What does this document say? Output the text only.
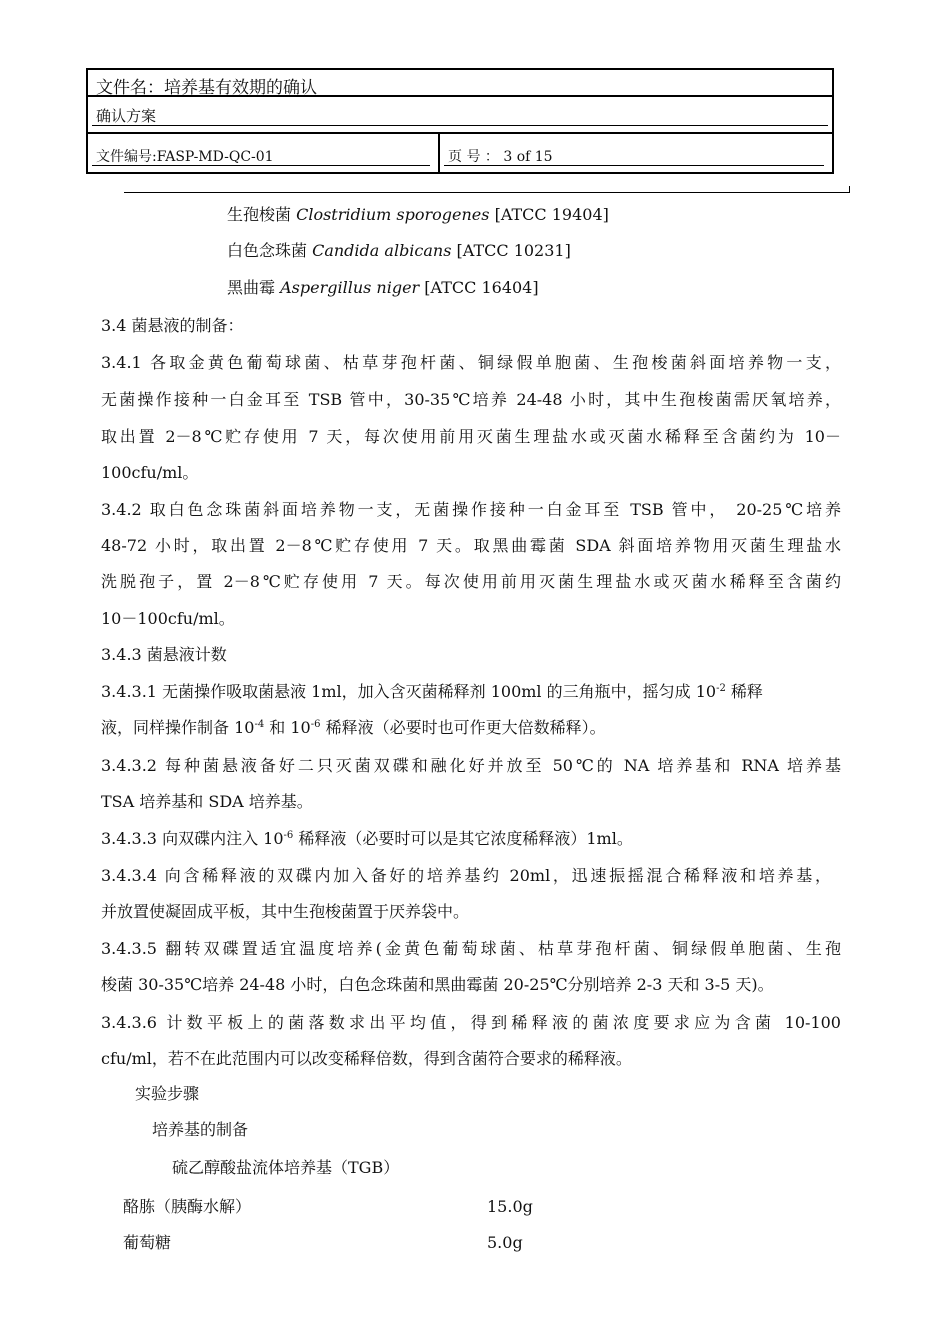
文件名：培养基有效期的确认
确认方案
文件编号:FASP-MD-QC-01	页 号 ： 3 of 15
生孢梭菌 Clostridium sporogenes [ATCC 19404]
白色念珠菌 Candida albicans [ATCC 10231]
黑曲霉 Aspergillus niger [ATCC 16404]
3.4 菌悬液的制备：
3.4.1 各取金黄色葡萄球菌、枯草芽孢杆菌、铜绿假单胞菌、生孢梭菌斜面培养物一支，
无菌操作接种一白金耳至 TSB 管中，30-35℃培养 24-48 小时，其中生孢梭菌需厌氧培养，
取出置 2－8℃贮存使用 7 天，每次使用前用灭菌生理盐水或灭菌水稀释至含菌约为 10－
100cfu/ml。
3.4.2 取白色念珠菌斜面培养物一支，无菌操作接种一白金耳至 TSB 管中， 20-25℃培养
48-72 小时，取出置 2－8℃贮存使用 7 天。取黑曲霉菌 SDA 斜面培养物用灭菌生理盐水
洗脱孢子，置 2－8℃贮存使用 7 天。每次使用前用灭菌生理盐水或灭菌水稀释至含菌约
10－100cfu/ml。
3.4.3 菌悬液计数
3.4.3.1 无菌操作吸取菌悬液 1ml，加入含灭菌稀释剂 100ml 的三角瓶中，摇匀成 $10^{-2}$ 稀释
液，同样操作制备 $10^{-4}$ 和 $10^{-6}$ 稀释液（必要时也可作更大倍数稀释）。
3.4.3.2 每种菌悬液备好二只灭菌双碟和融化好并放至 50℃的 NA 培养基和 RNA 培养基
TSA 培养基和 SDA 培养基。
3.4.3.3 向双碟内注入 $10^{-6}$ 稀释液（必要时可以是其它浓度稀释液）1ml。
3.4.3.4 向含稀释液的双碟内加入备好的培养基约 20ml，迅速振摇混合稀释液和培养基，
并放置使凝固成平板，其中生孢梭菌置于厌养袋中。
3.4.3.5 翻转双碟置适宜温度培养(金黄色葡萄球菌、枯草芽孢杆菌、铜绿假单胞菌、生孢
梭菌 30-35℃培养 24-48 小时，白色念珠菌和黑曲霉菌 20-25℃分别培养 2-3 天和 3-5 天)。
3.4.3.6 计数平板上的菌落数求出平均值，得到稀释液的菌浓度要求应为含菌 10-100
cfu/ml，若不在此范围内可以改变稀释倍数，得到含菌符合要求的稀释液。
实验步骤
培养基的制备
硫乙醇酸盐流体培养基（TGB）
酪胨（胰酶水解）	15.0g
葡萄糖	5.0g
